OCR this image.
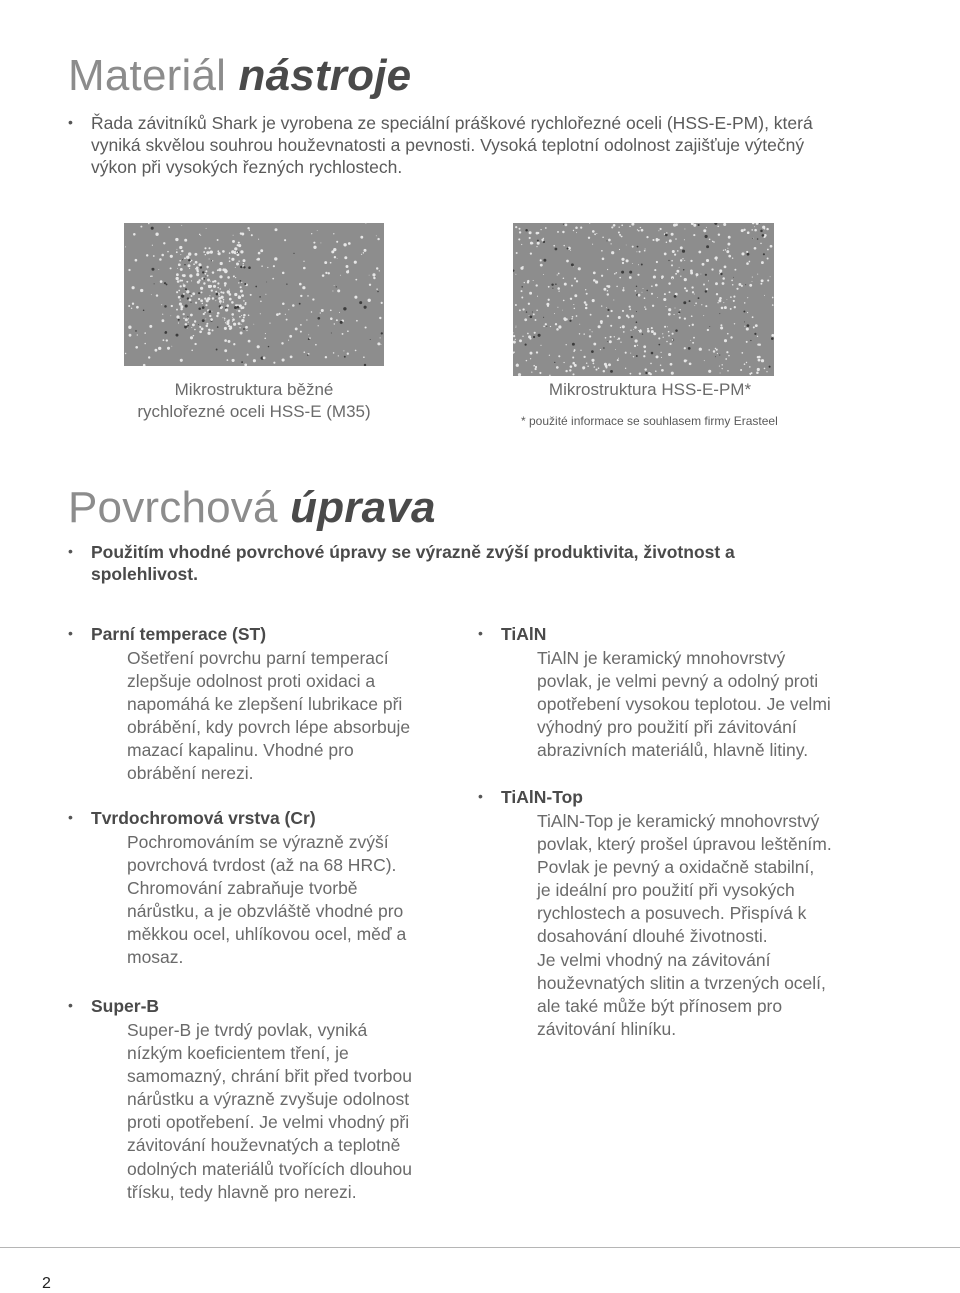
Materiál nástroje
•	Řada závitníků Shark je vyrobena ze speciální práškové rychlořezné oceli (HSS-E-PM), která vyniká skvělou souhrou houževnatosti a pevnosti. Vysoká teplotní odolnost zajišťuje výtečný výkon při vysokých řezných rychlostech.
Mikrostruktura běžné
rychlořezné oceli HSS-E (M35)
Mikrostruktura HSS-E-PM*
* použité informace se souhlasem firmy Erasteel
Povrchová úprava
•	Použitím vhodné povrchové úpravy se výrazně zvýší produktivita, životnost a spolehlivost.
•	Parní temperace (ST)
Ošetření povrchu parní temperací
zlepšuje odolnost proti oxidaci a
napomáhá ke zlepšení lubrikace při
obrábění, kdy povrch lépe absorbuje
mazací kapalinu. Vhodné pro
obrábění nerezi.
•	Tvrdochromová vrstva (Cr)
Pochromováním se výrazně zvýší
povrchová tvrdost (až na 68 HRC).
Chromování zabraňuje tvorbě
nárůstku, a je obzvláště vhodné pro
měkkou ocel, uhlíkovou ocel, měď a
mosaz.
•	Super-B
Super-B je tvrdý povlak, vyniká
nízkým koeficientem tření, je
samomazný, chrání břit před tvorbou
nárůstku a výrazně zvyšuje odolnost
proti opotřebení. Je velmi vhodný při
závitování houževnatých a teplotně
odolných materiálů tvořících dlouhou
třísku, tedy hlavně pro nerezi.
•	TiAlN
TiAlN je keramický mnohovrstvý
povlak, je velmi pevný a odolný proti
opotřebení vysokou teplotou. Je velmi
výhodný pro použití při závitování
abrazivních materiálů, hlavně litiny.
•	TiAlN-Top
TiAlN-Top je keramický mnohovrstvý
povlak, který prošel úpravou leštěním.
Povlak je pevný a oxidačně stabilní,
je ideální pro použití při vysokých
rychlostech a posuvech. Přispívá k
dosahování dlouhé životnosti.
Je velmi vhodný na závitování
houževnatých slitin a tvrzených ocelí,
ale také může být přínosem pro
závitování hliníku.
2
